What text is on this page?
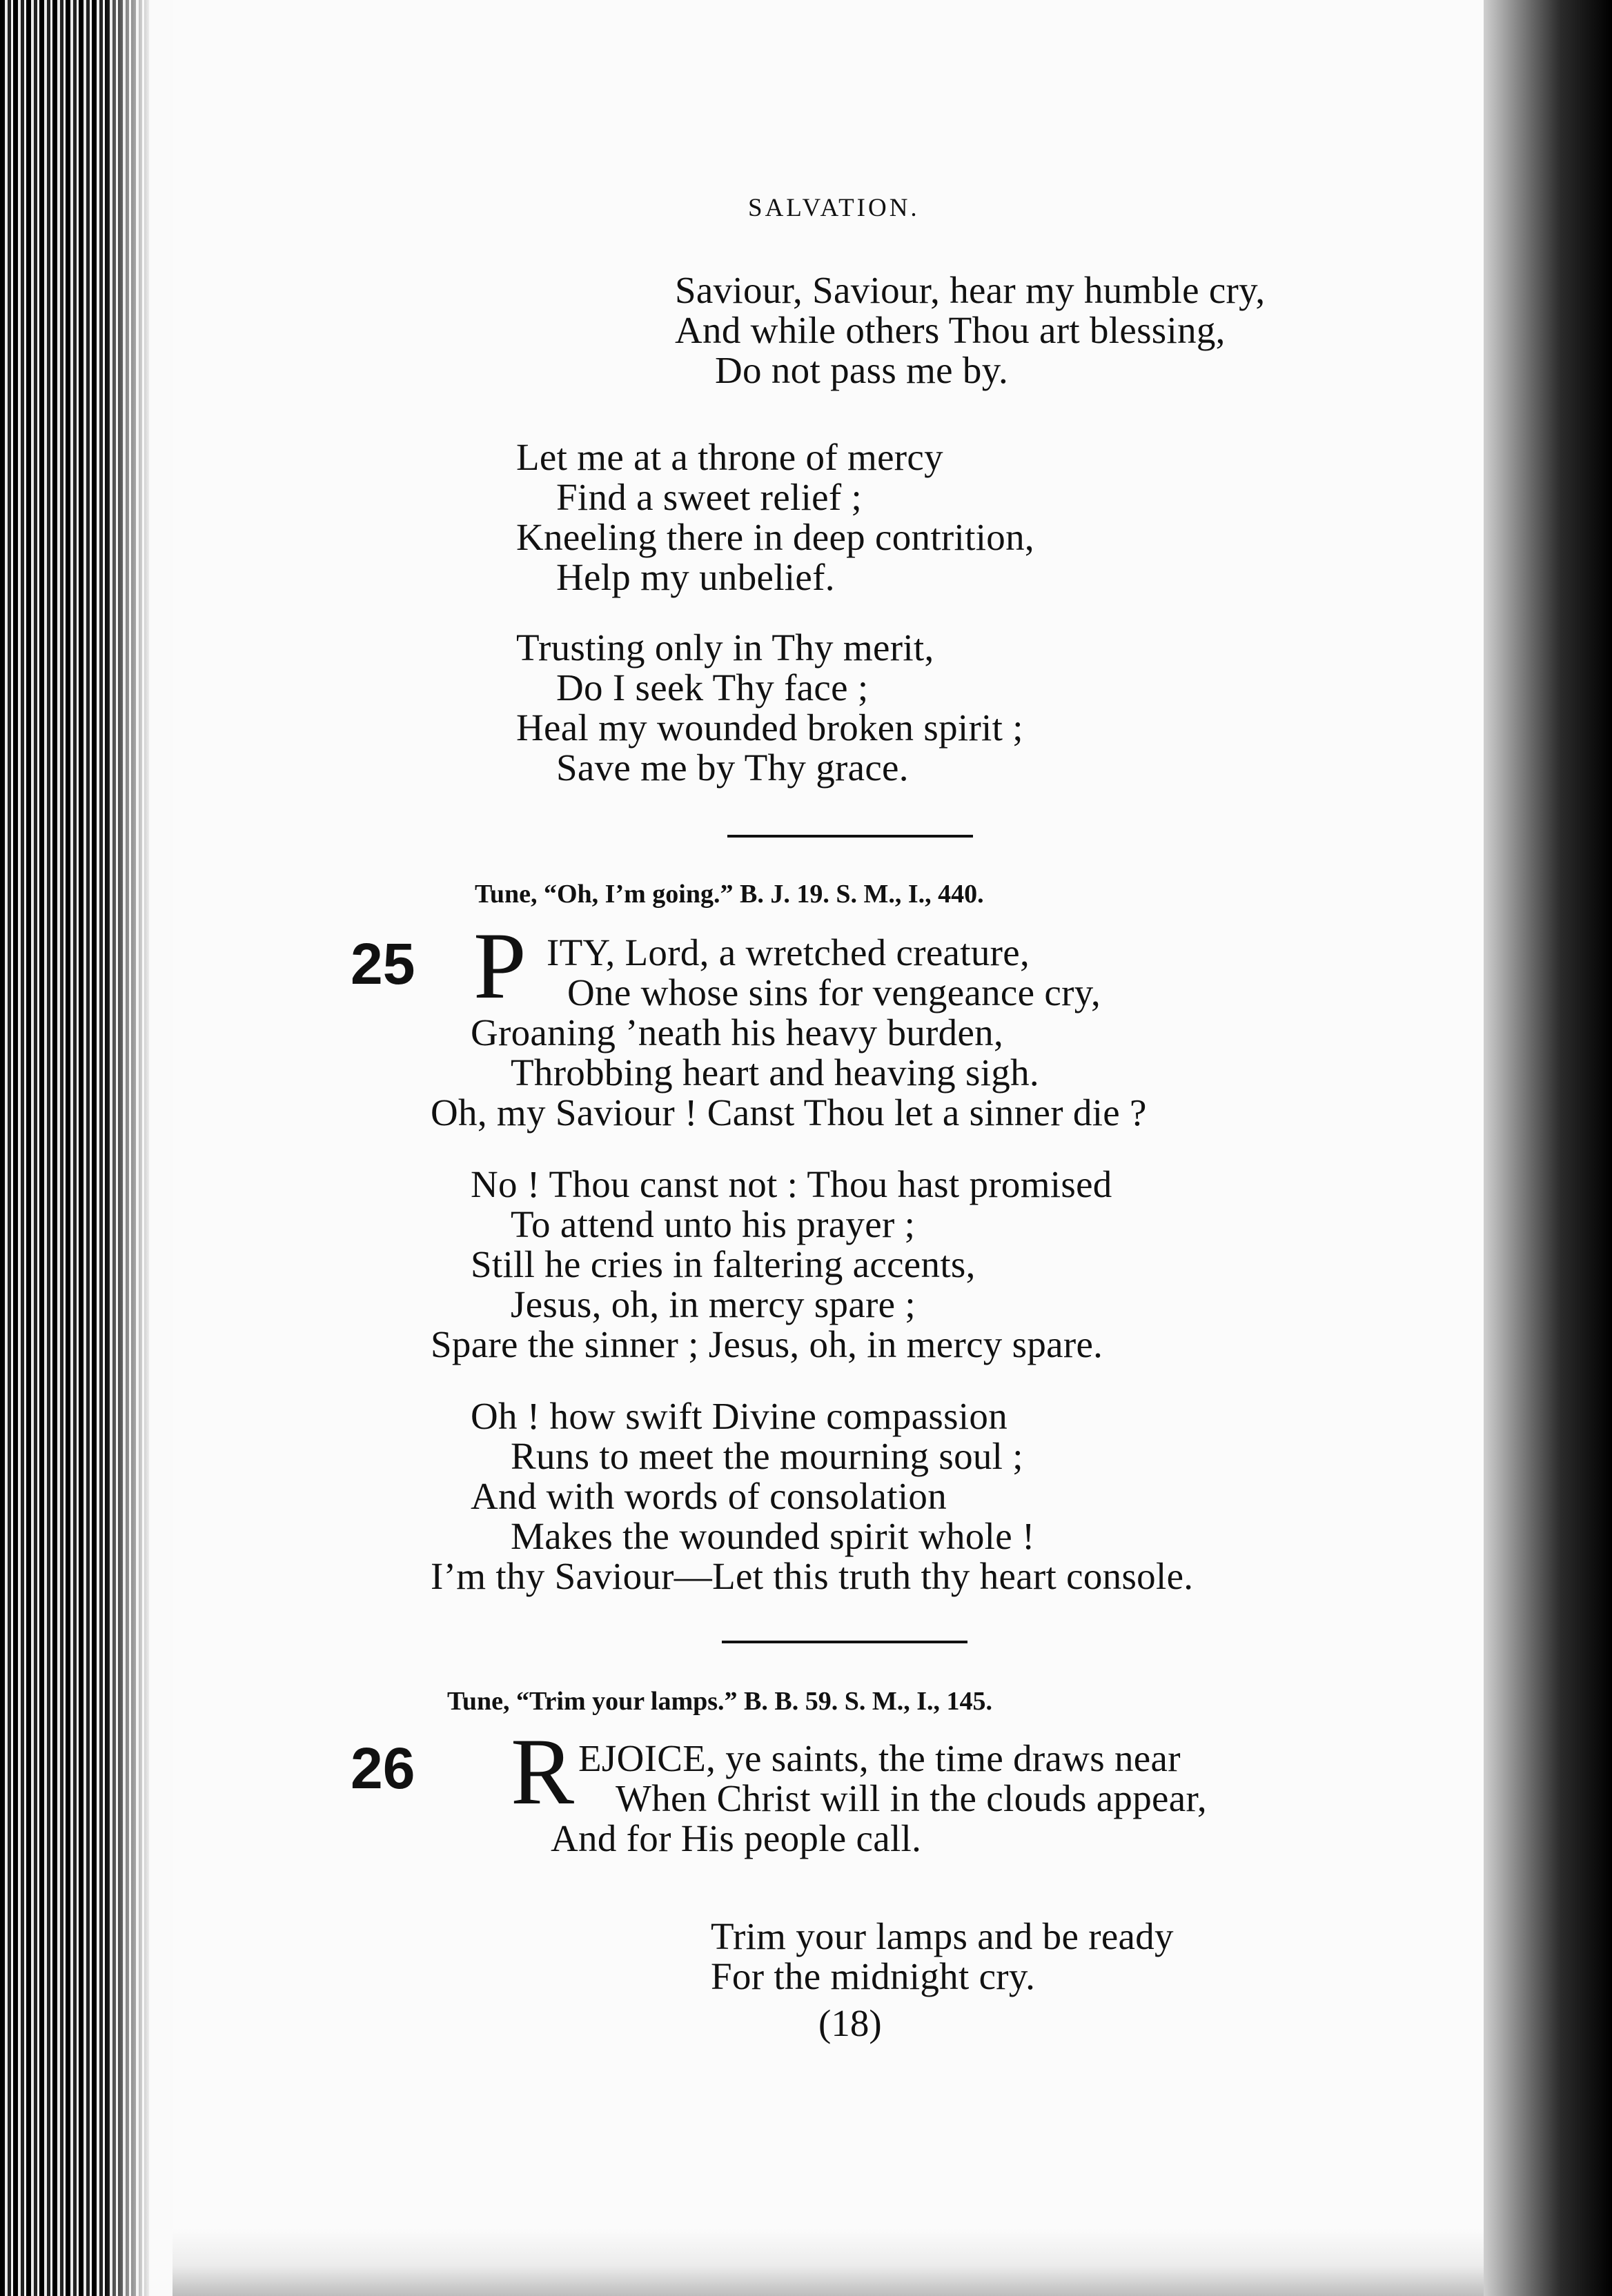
SALVATION.
Saviour, Saviour, hear my humble cry,
And while others Thou art blessing,
Do not pass me by.
Let me at a throne of mercy
Find a sweet relief ;
Kneeling there in deep contrition,
Help my unbelief.
Trusting only in Thy merit,
Do I seek Thy face ;
Heal my wounded broken spirit ;
Save me by Thy grace.
Tune, “Oh, I’m going.” B. J. 19. S. M., I., 440.
25 P ITY, Lord, a wretched creature,
One whose sins for vengeance cry,
Groaning ’neath his heavy burden,
Throbbing heart and heaving sigh.
Oh, my Saviour ! Canst Thou let a sinner die ?
No ! Thou canst not : Thou hast promised
To attend unto his prayer ;
Still he cries in faltering accents,
Jesus, oh, in mercy spare ;
Spare the sinner ; Jesus, oh, in mercy spare.
Oh ! how swift Divine compassion
Runs to meet the mourning soul ;
And with words of consolation
Makes the wounded spirit whole !
I’m thy Saviour—Let this truth thy heart console.
Tune, “Trim your lamps.” B. B. 59. S. M., I., 145.
26 R EJOICE, ye saints, the time draws near
When Christ will in the clouds appear,
And for His people call.
Trim your lamps and be ready
For the midnight cry.
(18)
